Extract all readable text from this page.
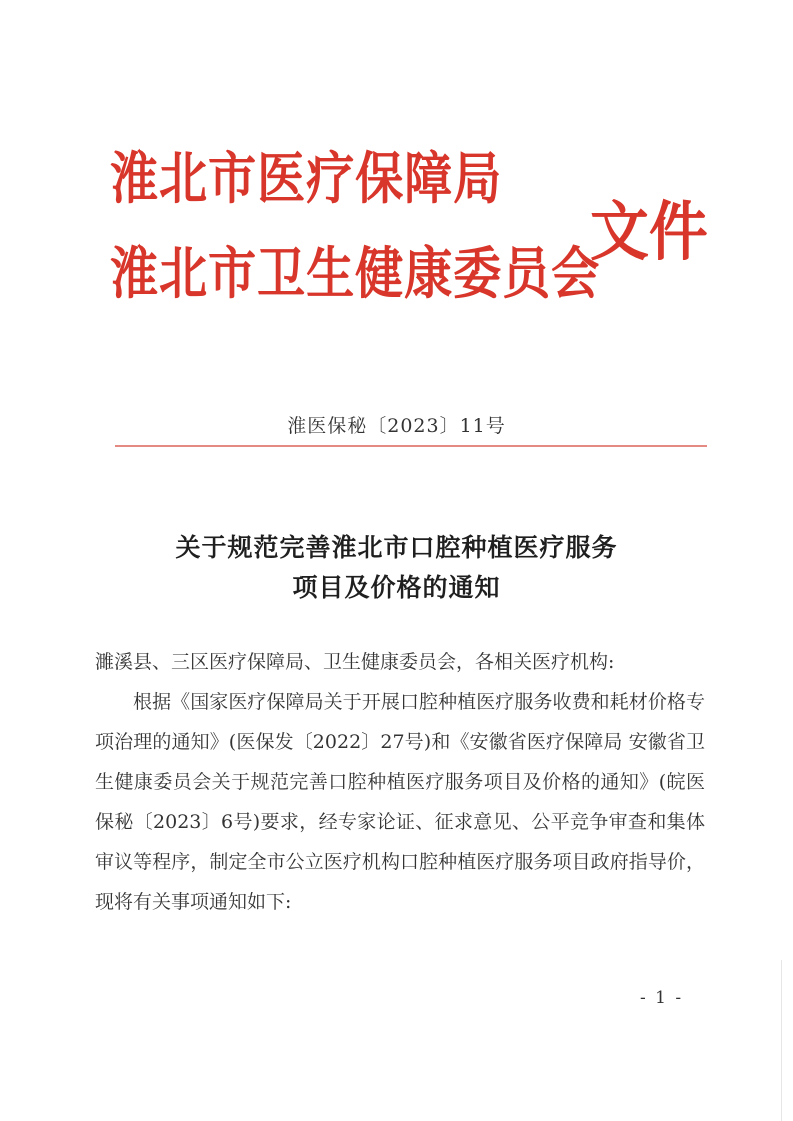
淮北市医疗保障局
淮北市卫生健康委员会
文件
淮医保秘〔2023〕11号
关于规范完善淮北市口腔种植医疗服务
项目及价格的通知
濉溪县、三区医疗保障局、卫生健康委员会，各相关医疗机构:
根据《国家医疗保障局关于开展口腔种植医疗服务收费和耗材价格专项治理的通知》(医保发〔2022〕27号)和《安徽省医疗保障局 安徽省卫生健康委员会关于规范完善口腔种植医疗服务项目及价格的通知》(皖医保秘〔2023〕6号)要求，经专家论证、征求意见、公平竞争审查和集体审议等程序，制定全市公立医疗机构口腔种植医疗服务项目政府指导价，现将有关事项通知如下:
- 1 -
